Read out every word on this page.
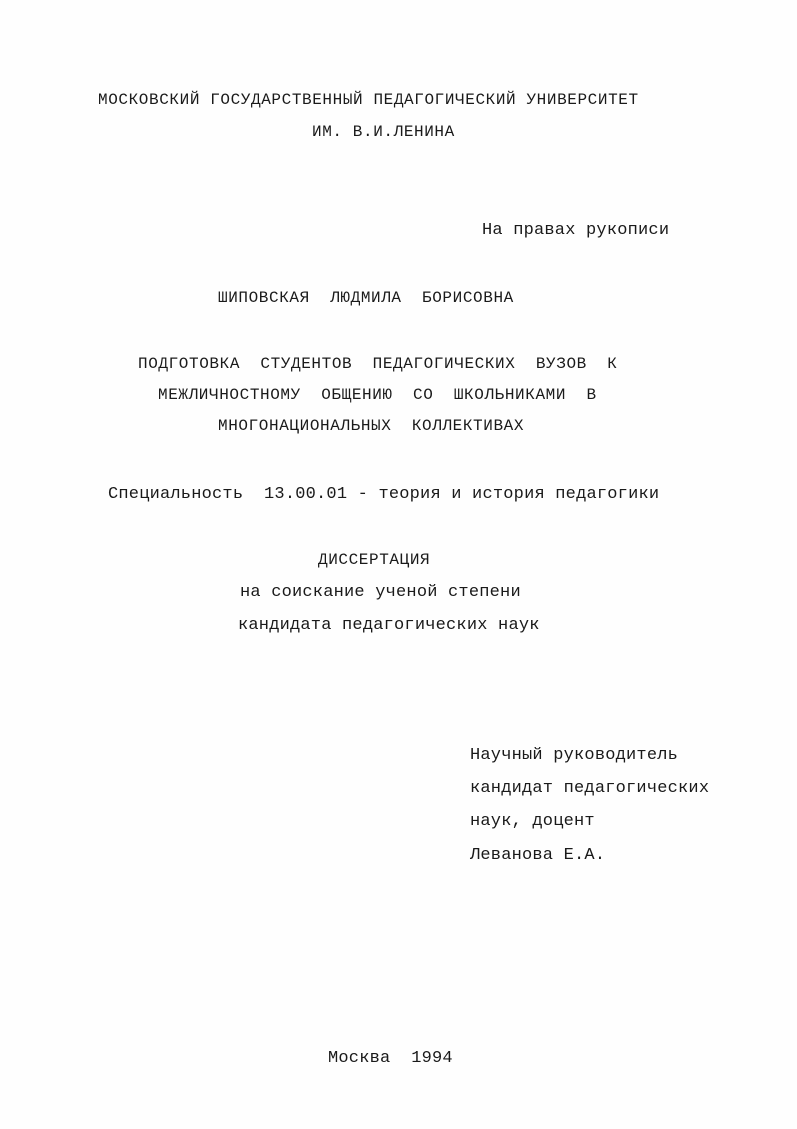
МОСКОВСКИЙ ГОСУДАРСТВЕННЫЙ ПЕДАГОГИЧЕСКИЙ УНИВЕРСИТЕТ
ИМ. В.И.ЛЕНИНА
На правах рукописи
ШИПОВСКАЯ  ЛЮДМИЛА  БОРИСОВНА
ПОДГОТОВКА  СТУДЕНТОВ  ПЕДАГОГИЧЕСКИХ  ВУЗОВ  К
МЕЖЛИЧНОСТНОМУ  ОБЩЕНИЮ  СО  ШКОЛЬНИКАМИ  В
МНОГОНАЦИОНАЛЬНЫХ  КОЛЛЕКТИВАХ
Специальность  13.00.01 - теория и история педагогики
ДИССЕРТАЦИЯ
на соискание ученой степени
кандидата педагогических наук
Научный руководитель
кандидат педагогических
наук, доцент
Леванова Е.А.
Москва  1994
